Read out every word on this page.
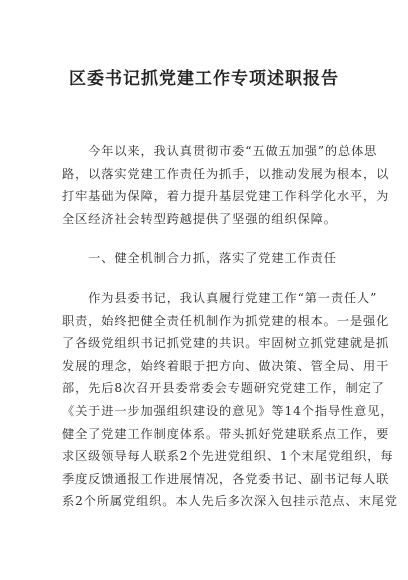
区委书记抓党建工作专项述职报告
　　今年以来，我认真贯彻市委“五做五加强”的总体思
路，以落实党建工作责任为抓手，以推动发展为根本，以
打牢基础为保障，着力提升基层党建工作科学化水平，为
全区经济社会转型跨越提供了坚强的组织保障。
　　一、健全机制合力抓，落实了党建工作责任
　　作为县委书记，我认真履行党建工作“第一责任人”
职责，始终把健全责任机制作为抓党建的根本。一是强化
了各级党组织书记抓党建的共识。牢固树立抓党建就是抓
发展的理念，始终着眼于把方向、做决策、管全局、用干
部，先后8次召开县委常委会专题研究党建工作，制定了
《关于进一步加强组织建设的意见》等14个指导性意见，
健全了党建工作制度体系。带头抓好党建联系点工作，要
求区级领导每人联系2个先进党组织、1个末尾党组织，每
季度反馈通报工作进展情况，各党委书记、副书记每人联
系2个所属党组织。本人先后多次深入包挂示范点、末尾党
